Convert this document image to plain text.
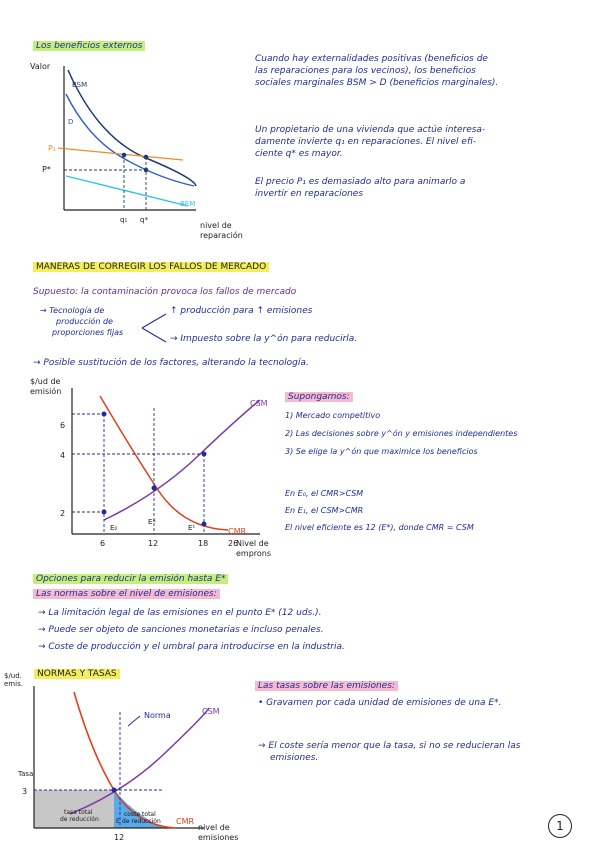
Los beneficios externos
Valor
BSM
D
P₁
P*
BEM
q₁ q*
nivel de
reparación
Cuando hay externalidades positivas (beneficios de
las reparaciones para los vecinos), los beneficios
sociales marginales BSM > D (beneficios marginales).
Un propietario de una vivienda que actúe interesa-
damente invierte q₁ en reparaciones. El nivel efi-
ciente q* es mayor.
El precio P₁ es demasiado alto para animarlo a
invertir en reparaciones
MANERAS DE CORREGIR LOS FALLOS DE MERCADO
Supuesto: la contaminación provoca los fallos de mercado
→ Tecnología de
producción de
proporciones fijas
↑ producción para ↑ emisiones
→ Impuesto sobre la y^ón para reducirla.
→ Posible sustitución de los factores, alterando la tecnología.
$/ud de
emisión
CSM
CMR
6
4
2
6	12	18 26
E₀
E*
E¹
Nivel de
emprons
Supongamos:
1) Mercado competitivo
2) Las decisiones sobre y^ón y emisiones independientes
3) Se elige la y^ón que maximice los beneficios
En E₀, el CMR>CSM
En E₁, el CSM>CMR
El nivel eficiente es 12 (E*), donde CMR = CSM
Opciones para reducir la emisión hasta E*
Las normas sobre el nivel de emisiones:
→ La limitación legal de las emisiones en el punto E* (12 uds.).
→ Puede ser objeto de sanciones monetarias e incluso penales.
→ Coste de producción y el umbral para introducirse en la industria.
NORMAS Y TASAS
$/ud.
emis.
Norma	CSM
CMR
Tasa
3
12
tasa total
de reducción
coste total
de reducción
E
nivel de
emisiones
Las tasas sobre las emisiones:
• Gravamen por cada unidad de emisiones de una E*.
→ El coste sería menor que la tasa, si no se reducieran las
emisiones.
1
